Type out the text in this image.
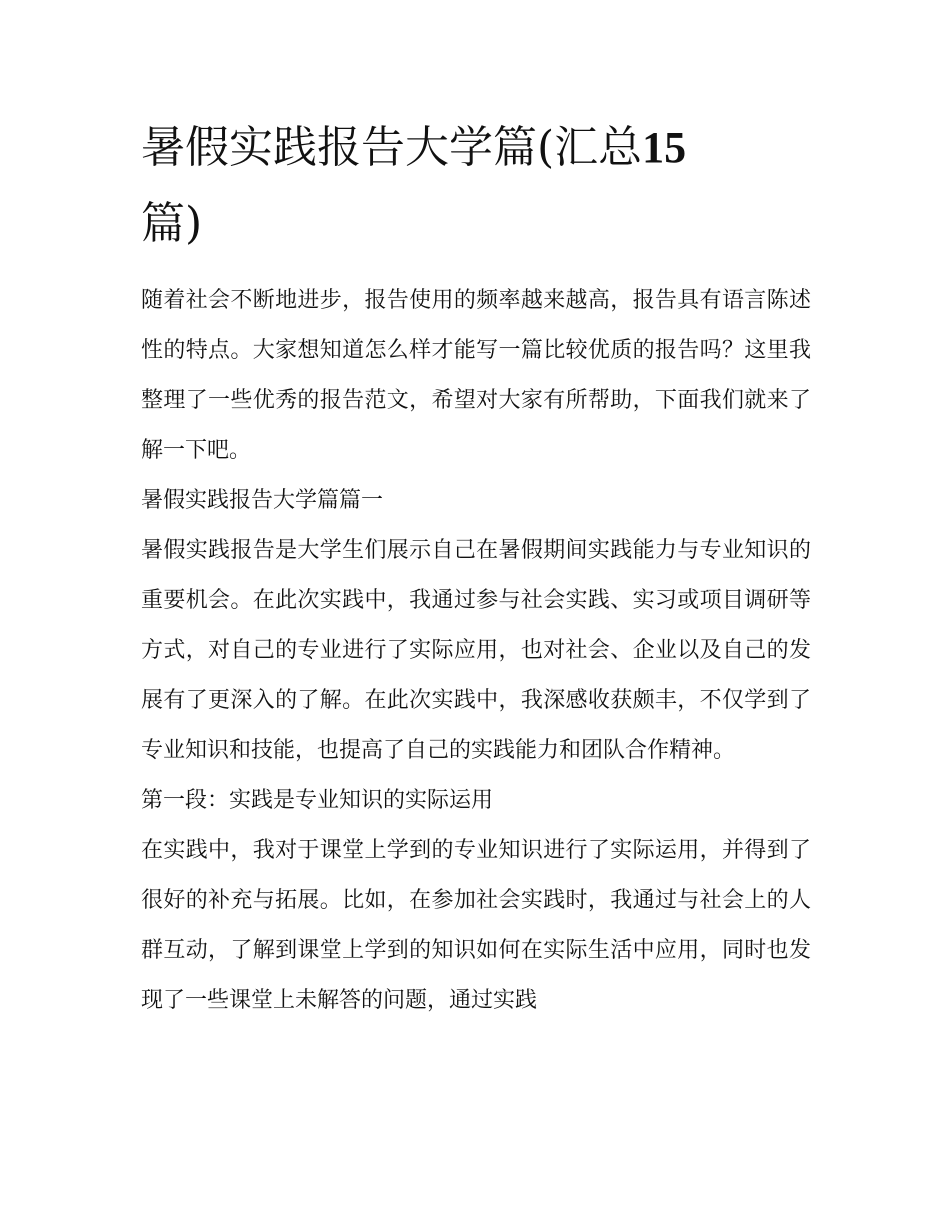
暑假实践报告大学篇(汇总15
篇)

随着社会不断地进步，报告使用的频率越来越高，报告具有语言陈述性的特点。大家想知道怎么样才能写一篇比较优质的报告吗？这里我整理了一些优秀的报告范文，希望对大家有所帮助，下面我们就来了解一下吧。

暑假实践报告大学篇篇一

暑假实践报告是大学生们展示自己在暑假期间实践能力与专业知识的重要机会。在此次实践中，我通过参与社会实践、实习或项目调研等方式，对自己的专业进行了实际应用，也对社会、企业以及自己的发展有了更深入的了解。在此次实践中，我深感收获颇丰，不仅学到了专业知识和技能，也提高了自己的实践能力和团队合作精神。

第一段：实践是专业知识的实际运用

在实践中，我对于课堂上学到的专业知识进行了实际运用，并得到了很好的补充与拓展。比如，在参加社会实践时，我通过与社会上的人群互动，了解到课堂上学到的知识如何在实际生活中应用，同时也发现了一些课堂上未解答的问题，通过实践
